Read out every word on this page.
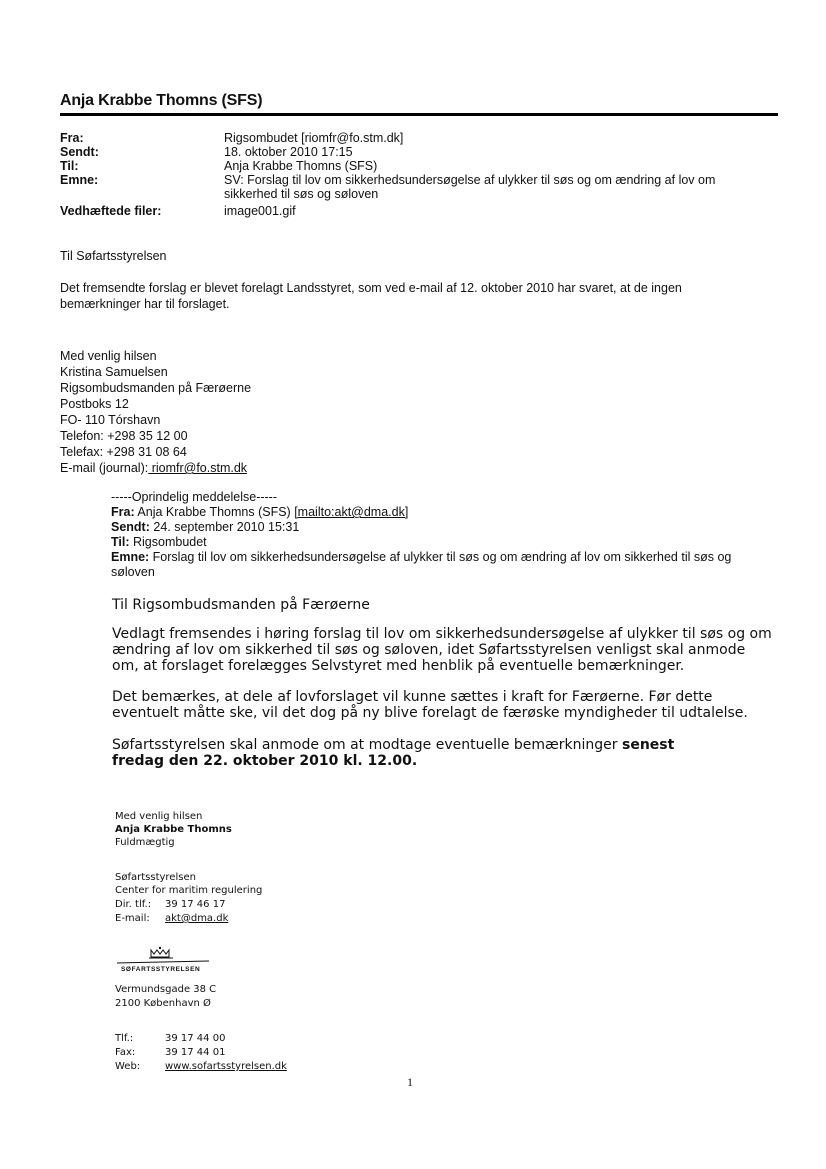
Anja Krabbe Thomns (SFS)
Fra:	Rigsombudet [riomfr@fo.stm.dk]
Sendt:	18. oktober 2010 17:15
Til:	Anja Krabbe Thomns (SFS)
Emne:	SV: Forslag til lov om sikkerhedsundersøgelse af ulykker til søs og om ændring af lov om sikkerhed til søs og søloven
Vedhæftede filer:	image001.gif
Til Søfartsstyrelsen
Det fremsendte forslag er blevet forelagt Landsstyret, som ved e-mail af 12. oktober 2010 har svaret, at de ingen bemærkninger har til forslaget.
Med venlig hilsen
Kristina Samuelsen
Rigsombudsmanden på Færøerne
Postboks 12
FO- 110 Tórshavn
Telefon: +298 35 12 00
Telefax: +298 31 08 64
E-mail (journal): riomfr@fo.stm.dk
-----Oprindelig meddelelse-----
Fra: Anja Krabbe Thomns (SFS) [mailto:akt@dma.dk]
Sendt: 24. september 2010 15:31
Til: Rigsombudet
Emne: Forslag til lov om sikkerhedsundersøgelse af ulykker til søs og om ændring af lov om sikkerhed til søs og søloven
Til Rigsombudsmanden på Færøerne
Vedlagt fremsendes i høring forslag til lov om sikkerhedsundersøgelse af ulykker til søs og om ændring af lov om sikkerhed til søs og søloven, idet Søfartsstyrelsen venligst skal anmode om, at forslaget forelægges Selvstyret med henblik på eventuelle bemærkninger.
Det bemærkes, at dele af lovforslaget vil kunne sættes i kraft for Færøerne. Før dette eventuelt måtte ske, vil det dog på ny blive forelagt de færøske myndigheder til udtalelse.
Søfartsstyrelsen skal anmode om at modtage eventuelle bemærkninger senest fredag den 22. oktober 2010 kl. 12.00.
Med venlig hilsen
Anja Krabbe Thomns
Fuldmægtig
Søfartsstyrelsen
Center for maritim regulering
Dir. tlf.: 39 17 46 17
E-mail: akt@dma.dk
SØFARTSSTYRELSEN
Vermundsgade 38 C
2100 København Ø
Tlf.:	39 17 44 00
Fax:	39 17 44 01
Web: www.sofartsstyrelsen.dk
1
